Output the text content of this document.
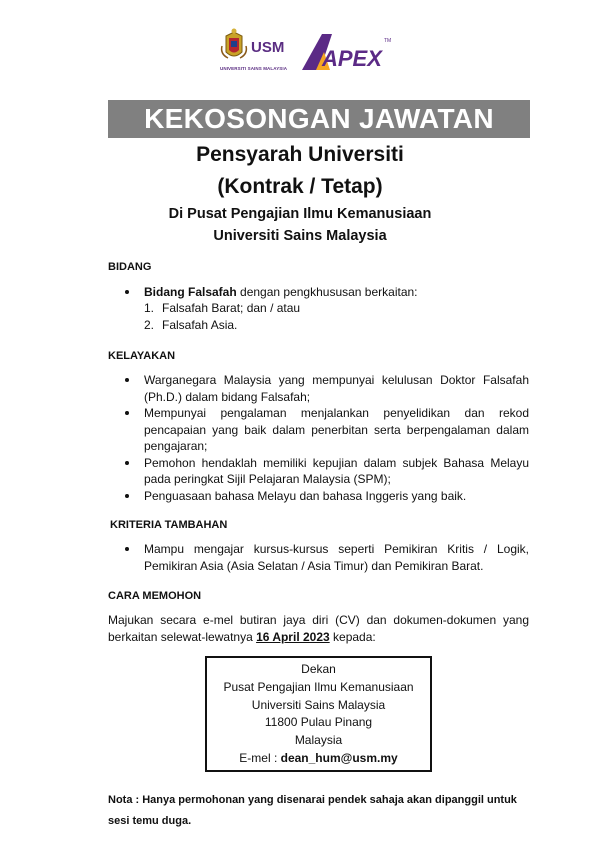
USM
UNIVERSITI SAINS MALAYSIA APEX
TM
KEKOSONGAN JAWATAN
Pensyarah Universiti
(Kontrak / Tetap)
Di Pusat Pengajian Ilmu Kemanusiaan
Universiti Sains Malaysia
BIDANG
Bidang Falsafah dengan pengkhususan berkaitan:
1. Falsafah Barat; dan / atau
2. Falsafah Asia.
KELAYAKAN
Warganegara Malaysia yang mempunyai kelulusan Doktor Falsafah (Ph.D.) dalam bidang Falsafah;
Mempunyai pengalaman menjalankan penyelidikan dan rekod pencapaian yang baik dalam penerbitan serta berpengalaman dalam pengajaran;
Pemohon hendaklah memiliki kepujian dalam subjek Bahasa Melayu pada peringkat Sijil Pelajaran Malaysia (SPM);
Penguasaan bahasa Melayu dan bahasa Inggeris yang baik.
KRITERIA TAMBAHAN
Mampu mengajar kursus-kursus seperti Pemikiran Kritis / Logik, Pemikiran Asia (Asia Selatan / Asia Timur) dan Pemikiran Barat.
CARA MEMOHON
Majukan secara e-mel butiran jaya diri (CV) dan dokumen-dokumen yang berkaitan selewat-lewatnya 16 April 2023 kepada:
Dekan
Pusat Pengajian Ilmu Kemanusiaan
Universiti Sains Malaysia
11800 Pulau Pinang
Malaysia
E-mel : dean_hum@usm.my
Nota : Hanya permohonan yang disenarai pendek sahaja akan dipanggil untuk sesi temu duga.
